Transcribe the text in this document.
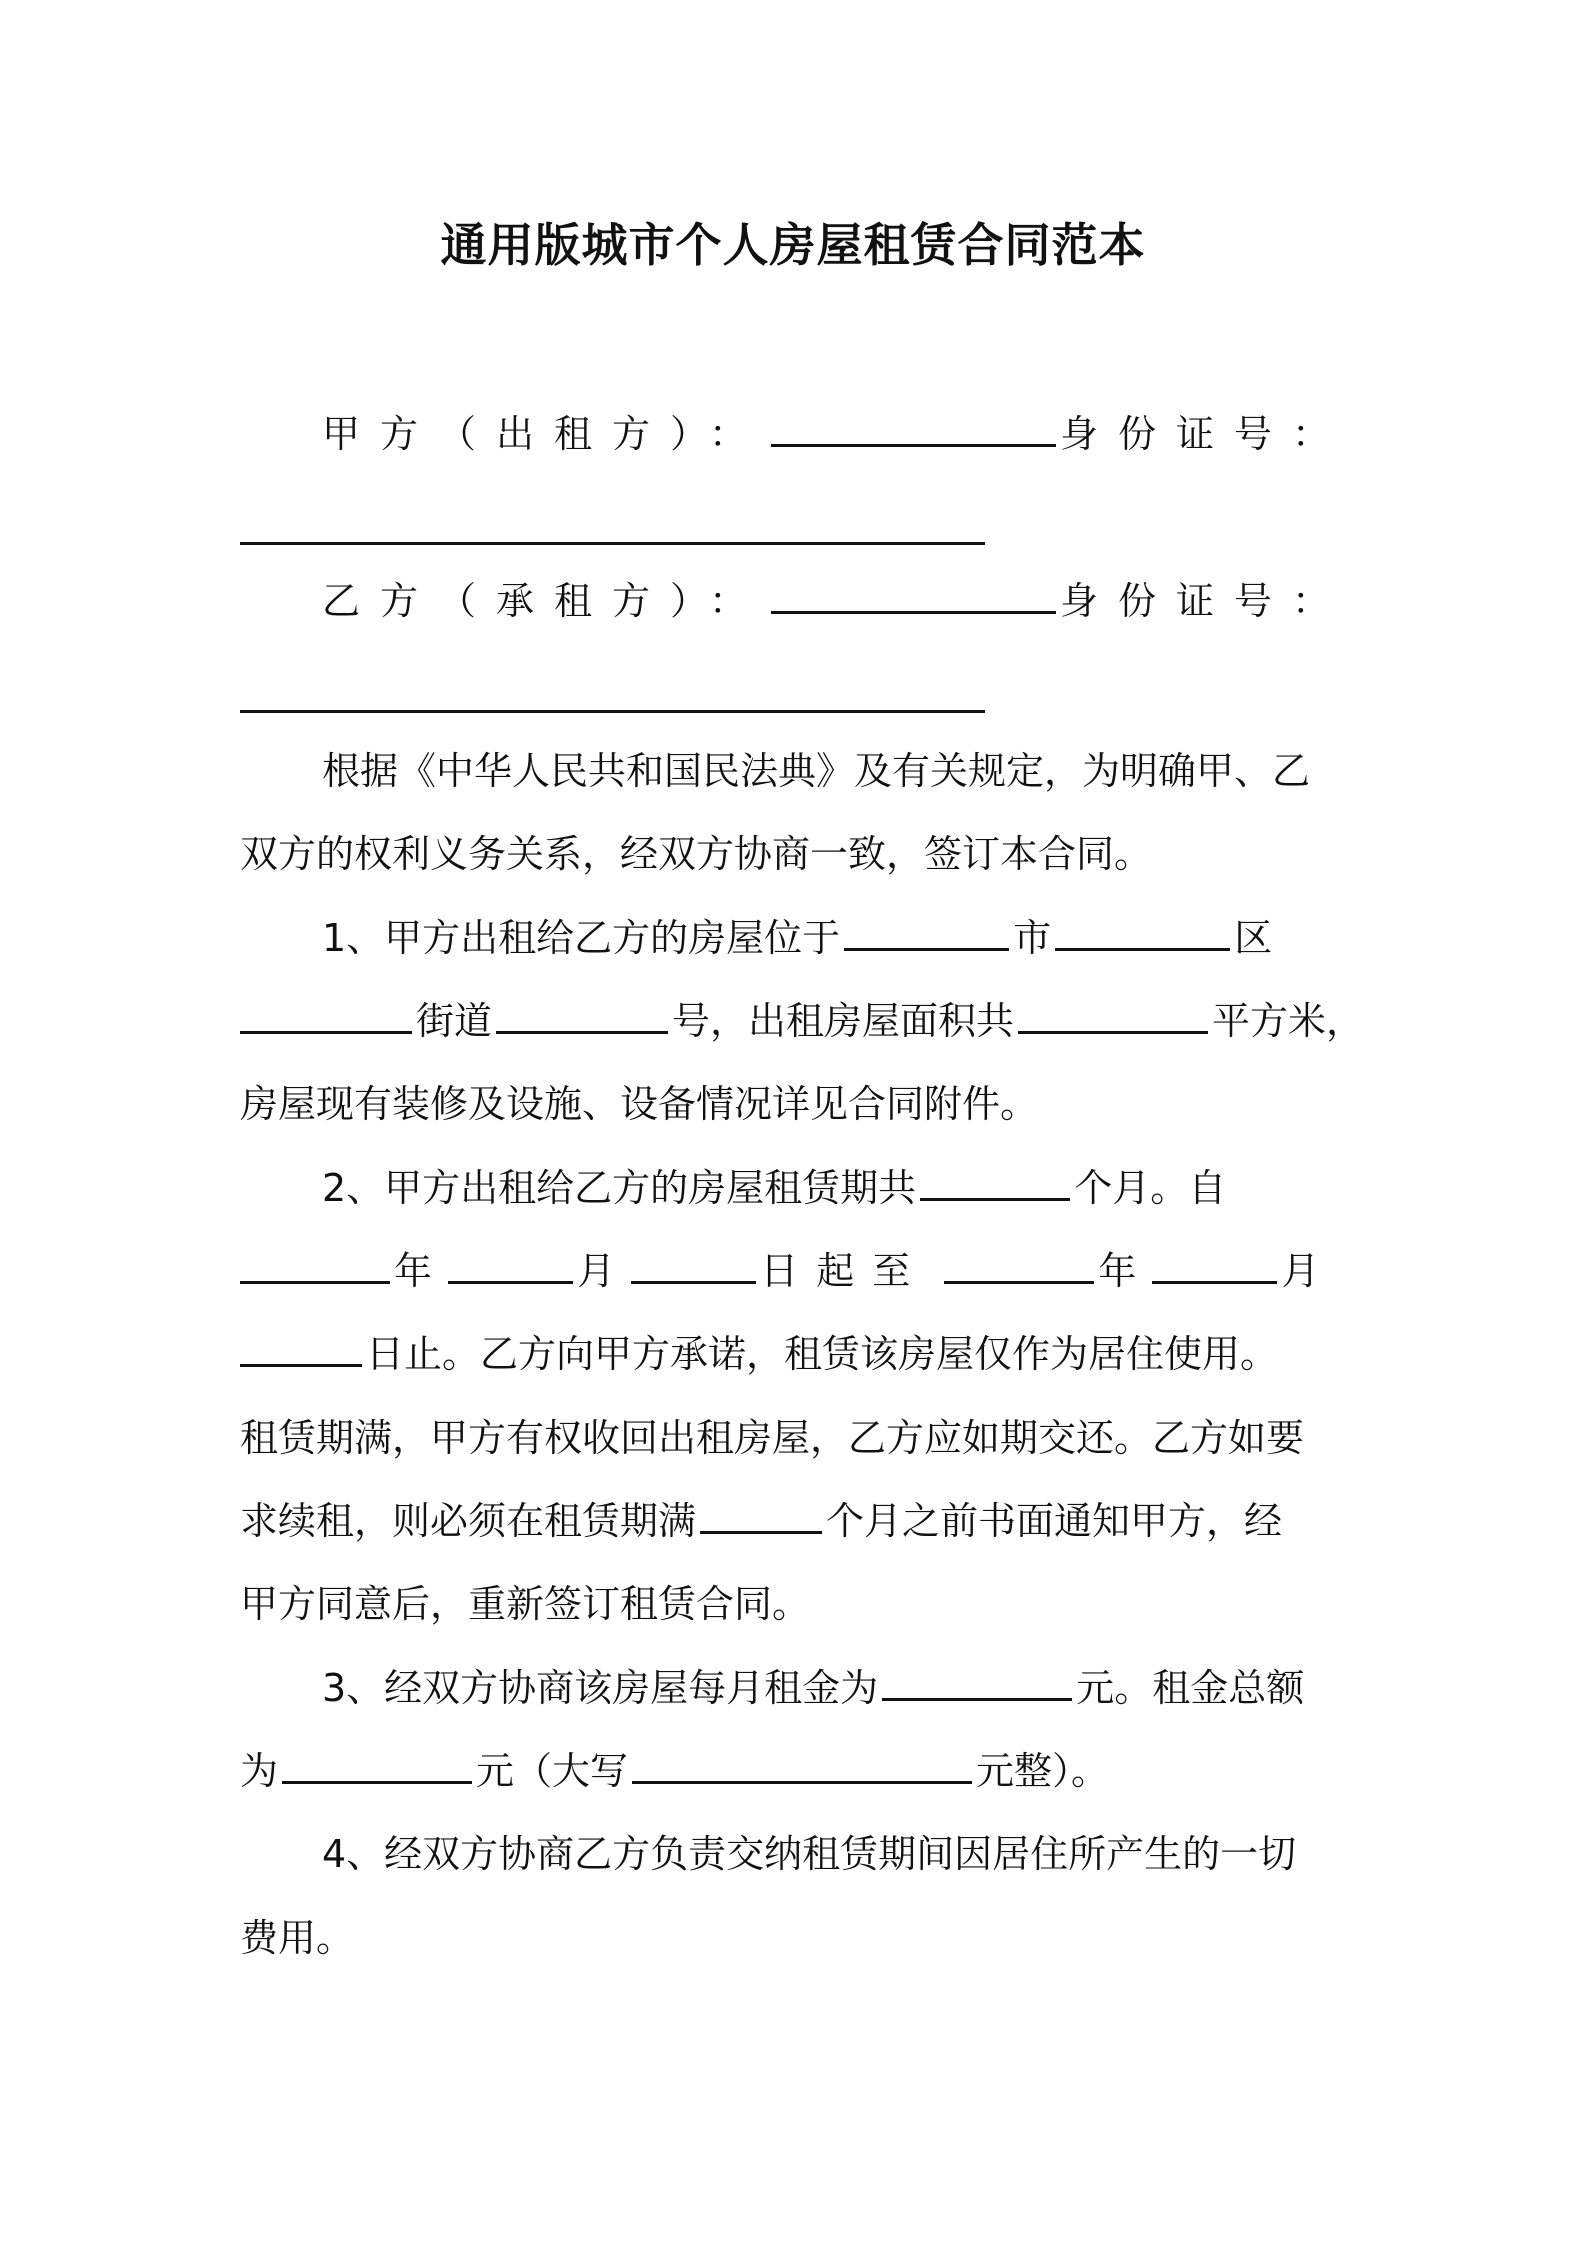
通用版城市个人房屋租赁合同范本
甲方（出租方）：	身份证号：
乙方（承租方）：	身份证号：
根据《中华人民共和国民法典》及有关规定，为明确甲、乙
双方的权利义务关系，经双方协商一致，签订本合同。
1、甲方出租给乙方的房屋位于	市	区
街道	号，出租房屋面积共	平方米，
房屋现有装修及设施、设备情况详见合同附件。
2、甲方出租给乙方的房屋租赁期共	个月。自
年	月	日起至	年	月
日止。乙方向甲方承诺，租赁该房屋仅作为居住使用。
租赁期满，甲方有权收回出租房屋，乙方应如期交还。乙方如要
求续租，则必须在租赁期满	个月之前书面通知甲方，经
甲方同意后，重新签订租赁合同。
3、经双方协商该房屋每月租金为	元。租金总额
为	元（大写	元整）。
4、经双方协商乙方负责交纳租赁期间因居住所产生的一切
费用。
